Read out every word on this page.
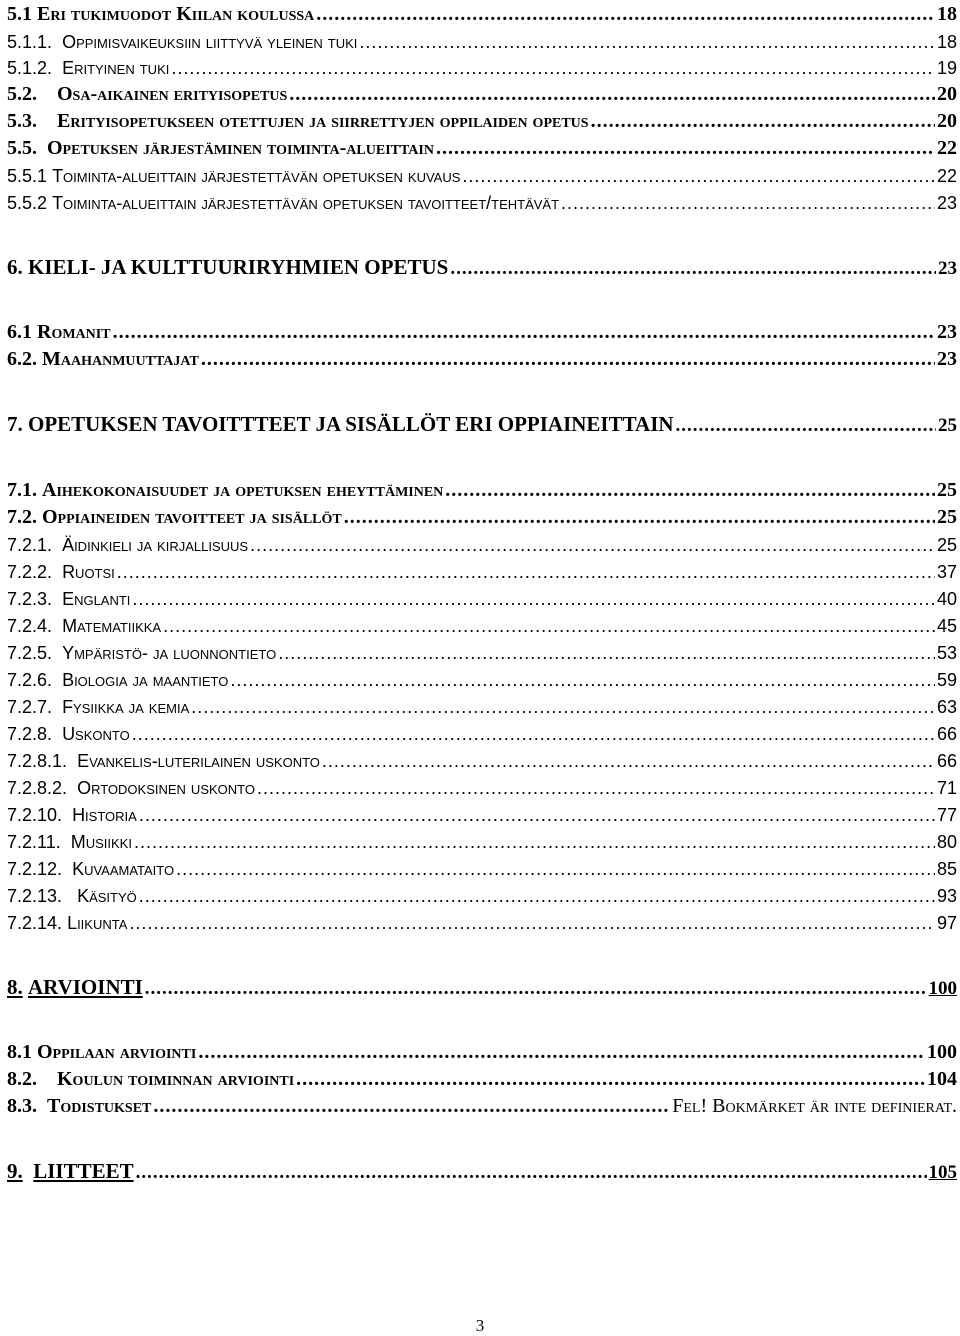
5.1
Eri tukimuodot Kiilan koulussa .....	18
5.1.1.
Oppimisvaikeuksiin liittyvä yleinen tuki .....	18
5.1.2.
Erityinen tuki .....	19
5.2.
Osa-aikainen erityisopetus .....	20
5.3.
Erityisopetukseen otettujen ja siirrettyjen oppilaiden opetus .....	20
5.5.
Opetuksen järjestäminen toiminta-alueittain .....	22
5.5.1
Toiminta-alueittain järjestettävän opetuksen kuvaus .....	22
5.5.2
Toiminta-alueittain järjestettävän opetuksen tavoitteet/tehtävät .....	23
6.
KIELI- JA KULTTUURIRYHMIEN OPETUS .....	23
6.1
Romanit .....	23
6.2.
Maahanmuuttajat .....	23
7.
OPETUKSEN TAVOITTTEET JA SISÄLLÖT ERI OPPIAINEITTAIN .....	25
7.1.
Aihekokonaisuudet ja opetuksen eheyttäminen .....	25
7.2.
Oppiaineiden tavoitteet ja sisällöt .....	25
7.2.1.
Äidinkieli ja kirjallisuus .....	25
7.2.2.
Ruotsi .....	37
7.2.3.
Englanti .....	40
7.2.4.
Matematiikka .....	45
7.2.5.
Ympäristö- ja luonnontieto .....	53
7.2.6.
Biologia ja maantieto .....	59
7.2.7.
Fysiikka ja kemia .....	63
7.2.8.
Uskonto .....	66
7.2.8.1.
Evankelis-luterilainen uskonto .....	66
7.2.8.2.
Ortodoksinen uskonto .....	71
7.2.10.
Historia .....	77
7.2.11.
Musiikki .....	80
7.2.12.
Kuvaamataito .....	85
7.2.13.
Käsityö .....	93
7.2.14.
Liikunta .....	97
8.
ARVIOINTI .....	100
8.1
Oppilaan arviointi .....	100
8.2.
Koulun toiminnan arviointi .....	104
8.3.
Todistukset .....	Fel! Bokmärket är inte definierat.
9.
LIITTEET .....	105
3
